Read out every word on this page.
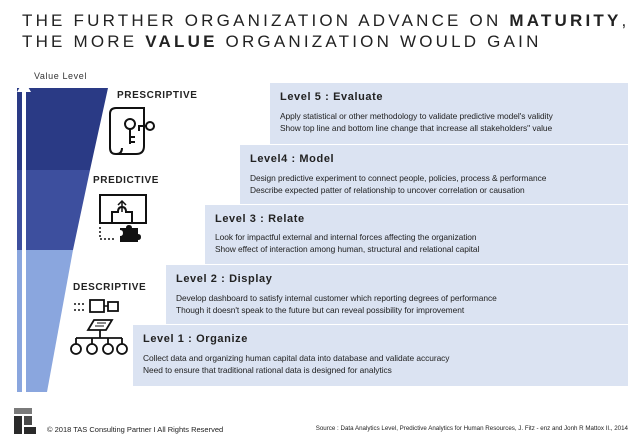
THE FURTHER ORGANIZATION ADVANCE ON MATURITY,
THE MORE VALUE ORGANIZATION WOULD GAIN
Value Level
PRESCRIPTIVE
PREDICTIVE
DESCRIPTIVE
Level 5 : Evaluate
Apply statistical or other methodology to validate predictive model's validity
Show top line and bottom line change that increase all stakeholders" value
Level4 : Model
Design predictive experiment to connect people, policies, process & performance
Describe expected patter of relationship to uncover correlation or causation
Level 3 : Relate
Look for impactful external and internal forces affecting the organization
Show effect of interaction among human, structural and relational capital
Level 2 : Display
Develop dashboard to satisfy internal customer which reporting degrees of performance
Though it doesn't speak to the future but can reveal possibility for improvement
Level 1 : Organize
Collect data and organizing human capital data into database and validate accuracy
Need to ensure that traditional rational data is designed for analytics
© 2018 TAS Consulting Partner I All Rights Reserved	Source : Data Analytics Level, Predictive Analytics for Human Resources, J. Fitz - enz and Jonh R Mattox II., 2014
